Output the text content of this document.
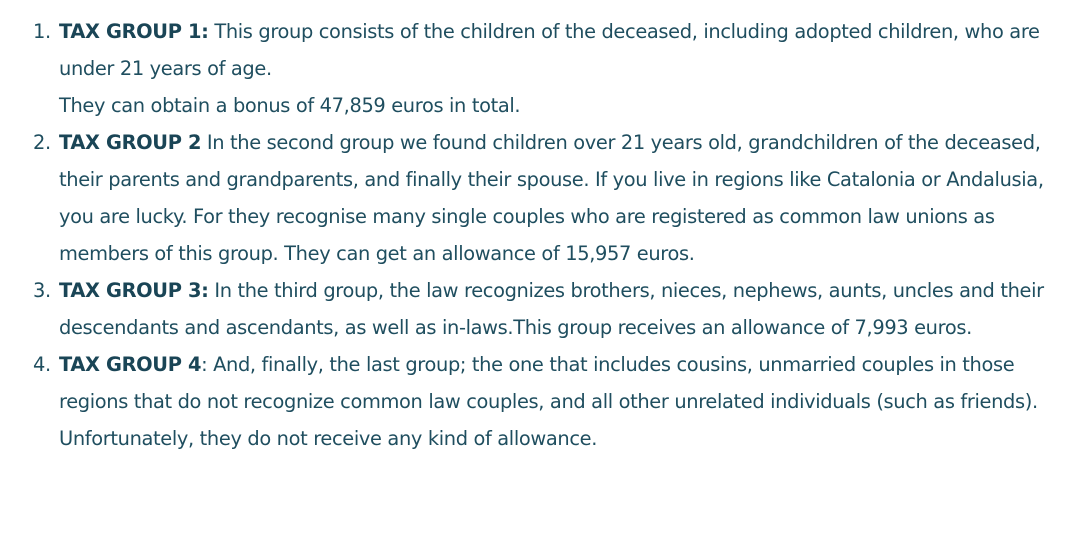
1. TAX GROUP 1: This group consists of the children of the deceased, including adopted children, who are under 21 years of age.
They can obtain a bonus of 47,859 euros in total.
2. TAX GROUP 2 In the second group we found children over 21 years old, grandchildren of the deceased, their parents and grandparents, and finally their spouse. If you live in regions like Catalonia or Andalusia, you are lucky. For they recognise many single couples who are registered as common law unions as members of this group. They can get an allowance of 15,957 euros.
3. TAX GROUP 3: In the third group, the law recognizes brothers, nieces, nephews, aunts, uncles and their descendants and ascendants, as well as in-laws.This group receives an allowance of 7,993 euros.
4. TAX GROUP 4: And, finally, the last group; the one that includes cousins, unmarried couples in those regions that do not recognize common law couples, and all other unrelated individuals (such as friends). Unfortunately, they do not receive any kind of allowance.
